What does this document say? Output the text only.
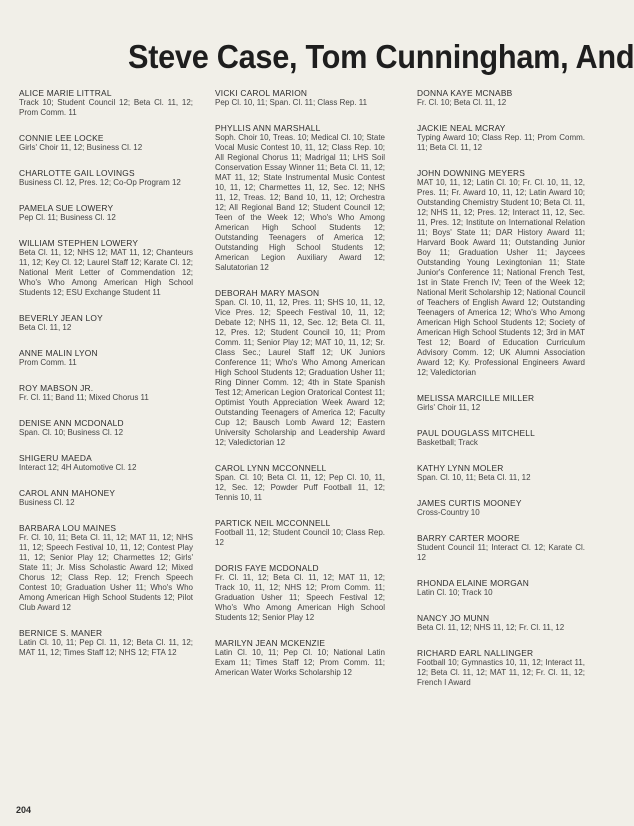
Steve Case, Tom Cunningham, And
ALICE MARIE LITTRAL

Track 10; Student Council 12; Beta Cl. 11, 12; Prom Comm. 11

CONNIE LEE LOCKE

Girls' Choir 11, 12; Business Cl. 12

CHARLOTTE GAIL LOVINGS

Business Cl. 12, Pres. 12; Co-Op Program 12

PAMELA SUE LOWERY

Pep Cl. 11; Business Cl. 12

WILLIAM STEPHEN LOWERY

Beta Cl. 11, 12; NHS 12; MAT 11, 12; Chanteurs 11, 12; Key Cl. 12; Laurel Staff 12; Karate Cl. 12; National Merit Letter of Commendation 12; Who's Who Among American High School Students 12; ESU Exchange Student 11

BEVERLY JEAN LOY

Beta Cl. 11, 12

ANNE MALIN LYON

Prom Comm. 11

ROY MABSON JR.

Fr. Cl. 11; Band 11; Mixed Chorus 11

DENISE ANN MCDONALD

Span. Cl. 10; Business Cl. 12

SHIGERU MAEDA

Interact 12; 4H Automotive Cl. 12

CAROL ANN MAHONEY

Business Cl. 12

BARBARA LOU MAINES

Fr. Cl. 10, 11; Beta Cl. 11, 12; MAT 11, 12; NHS 11, 12; Speech Festival 10, 11, 12; Contest Play 11, 12; Senior Play 12; Charmettes 12; Girls' State 11; Jr. Miss Scholastic Award 12; Mixed Chorus 12; Class Rep. 12; French Speech Contest 10; Graduation Usher 11; Who's Who Among American High School Students 12; Pilot Club Award 12

BERNICE S. MANER

Latin Cl. 10, 11; Pep Cl. 11, 12; Beta Cl. 11, 12; MAT 11, 12; Times Staff 12; NHS 12; FTA 12

VICKI CAROL MARION

Pep Cl. 10, 11; Span. Cl. 11; Class Rep. 11

PHYLLIS ANN MARSHALL

Soph. Choir 10, Treas. 10; Medical Cl. 10; State Vocal Music Contest 10, 11, 12; Class Rep. 10; All Regional Chorus 11; Madrigal 11; LHS Soil Conservation Essay Winner 11; Beta Cl. 11, 12; MAT 11, 12; State Instrumental Music Contest 10, 11, 12; Charmettes 11, 12, Sec. 12; NHS 11, 12, Treas. 12; Band 10, 11, 12; Orchestra 12; All Regional Band 12; Student Council 12; Teen of the Week 12; Who's Who Among American High School Students 12; Outstanding Teenagers of America 12; Outstanding High School Students 12; American Legion Auxiliary Award 12; Salutatorian 12

DEBORAH MARY MASON

Span. Cl. 10, 11, 12, Pres. 11; SHS 10, 11, 12, Vice Pres. 12; Speech Festival 10, 11, 12; Debate 12; NHS 11, 12, Sec. 12; Beta Cl. 11, 12, Pres. 12; Student Council 10, 11; Prom Comm. 11; Senior Play 12; MAT 10, 11, 12; Sr. Class Sec.; Laurel Staff 12; UK Juniors Conference 11; Who's Who Among American High School Students 12; Graduation Usher 11; Ring Dinner Comm. 12; 4th in State Spanish Test 12; American Legion Oratorical Contest 11; Optimist Youth Appreciation Week Award 12; Outstanding Teenagers of America 12; Faculty Cup 12; Bausch Lomb Award 12; Eastern University Scholarship and Leadership Award 12; Valedictorian 12

CAROL LYNN MCCONNELL

Span. Cl. 10; Beta Cl. 11, 12; Pep Cl. 10, 11, 12, Sec. 12; Powder Puff Football 11, 12; Tennis 10, 11

PARTICK NEIL MCCONNELL

Football 11, 12; Student Council 10; Class Rep. 12

DORIS FAYE MCDONALD

Fr. Cl. 11, 12; Beta Cl. 11, 12; MAT 11, 12; Track 10, 11, 12; NHS 12; Prom Comm. 11; Graduation Usher 11; Speech Festival 12; Who's Who Among American High School Students 12; Senior Play 12

MARILYN JEAN MCKENZIE

Latin Cl. 10, 11; Pep Cl. 10; National Latin Exam 11; Times Staff 12; Prom Comm. 11; American Water Works Scholarship 12

DONNA KAYE MCNABB

Fr. Cl. 10; Beta Cl. 11, 12

JACKIE NEAL MCRAY

Typing Award 10; Class Rep. 11; Prom Comm. 11; Beta Cl. 11, 12

JOHN DOWNING MEYERS

MAT 10, 11, 12; Latin Cl. 10; Fr. Cl. 10, 11, 12, Pres. 11; Fr. Award 10, 11, 12; Latin Award 10; Outstanding Chemistry Student 10; Beta Cl. 11, 12; NHS 11, 12; Pres. 12; Interact 11, 12, Sec. 11, Pres. 12; Institute on International Relation 11; Boys' State 11; DAR History Award 11; Harvard Book Award 11; Outstanding Junior Boy 11; Graduation Usher 11; Jaycees Outstanding Young Lexingtonian 11; State Junior's Conference 11; National French Test, 1st in State French IV; Teen of the Week 12; National Merit Scholarship 12; National Council of Teachers of English Award 12; Outstanding Teenagers of America 12; Who's Who Among American High School Students 12; Society of American High School Students 12; 3rd in MAT Test 12; Board of Education Curriculum Advisory Comm. 12; UK Alumni Association Award 12; Ky. Professional Engineers Award 12; Valedictorian

MELISSA MARCILLE MILLER

Girls' Choir 11, 12

PAUL DOUGLASS MITCHELL

Basketball; Track

KATHY LYNN MOLER

Span. Cl. 10, 11; Beta Cl. 11, 12

JAMES CURTIS MOONEY

Cross-Country 10

BARRY CARTER MOORE

Student Council 11; Interact Cl. 12; Karate Cl. 12

RHONDA ELAINE MORGAN

Latin Cl. 10; Track 10

NANCY JO MUNN

Beta Cl. 11, 12; NHS 11, 12; Fr. Cl. 11, 12

RICHARD EARL NALLINGER

Football 10; Gymnastics 10, 11, 12; Interact 11, 12; Beta Cl. 11, 12; MAT 11, 12; Fr. Cl. 11, 12; French I Award

204
